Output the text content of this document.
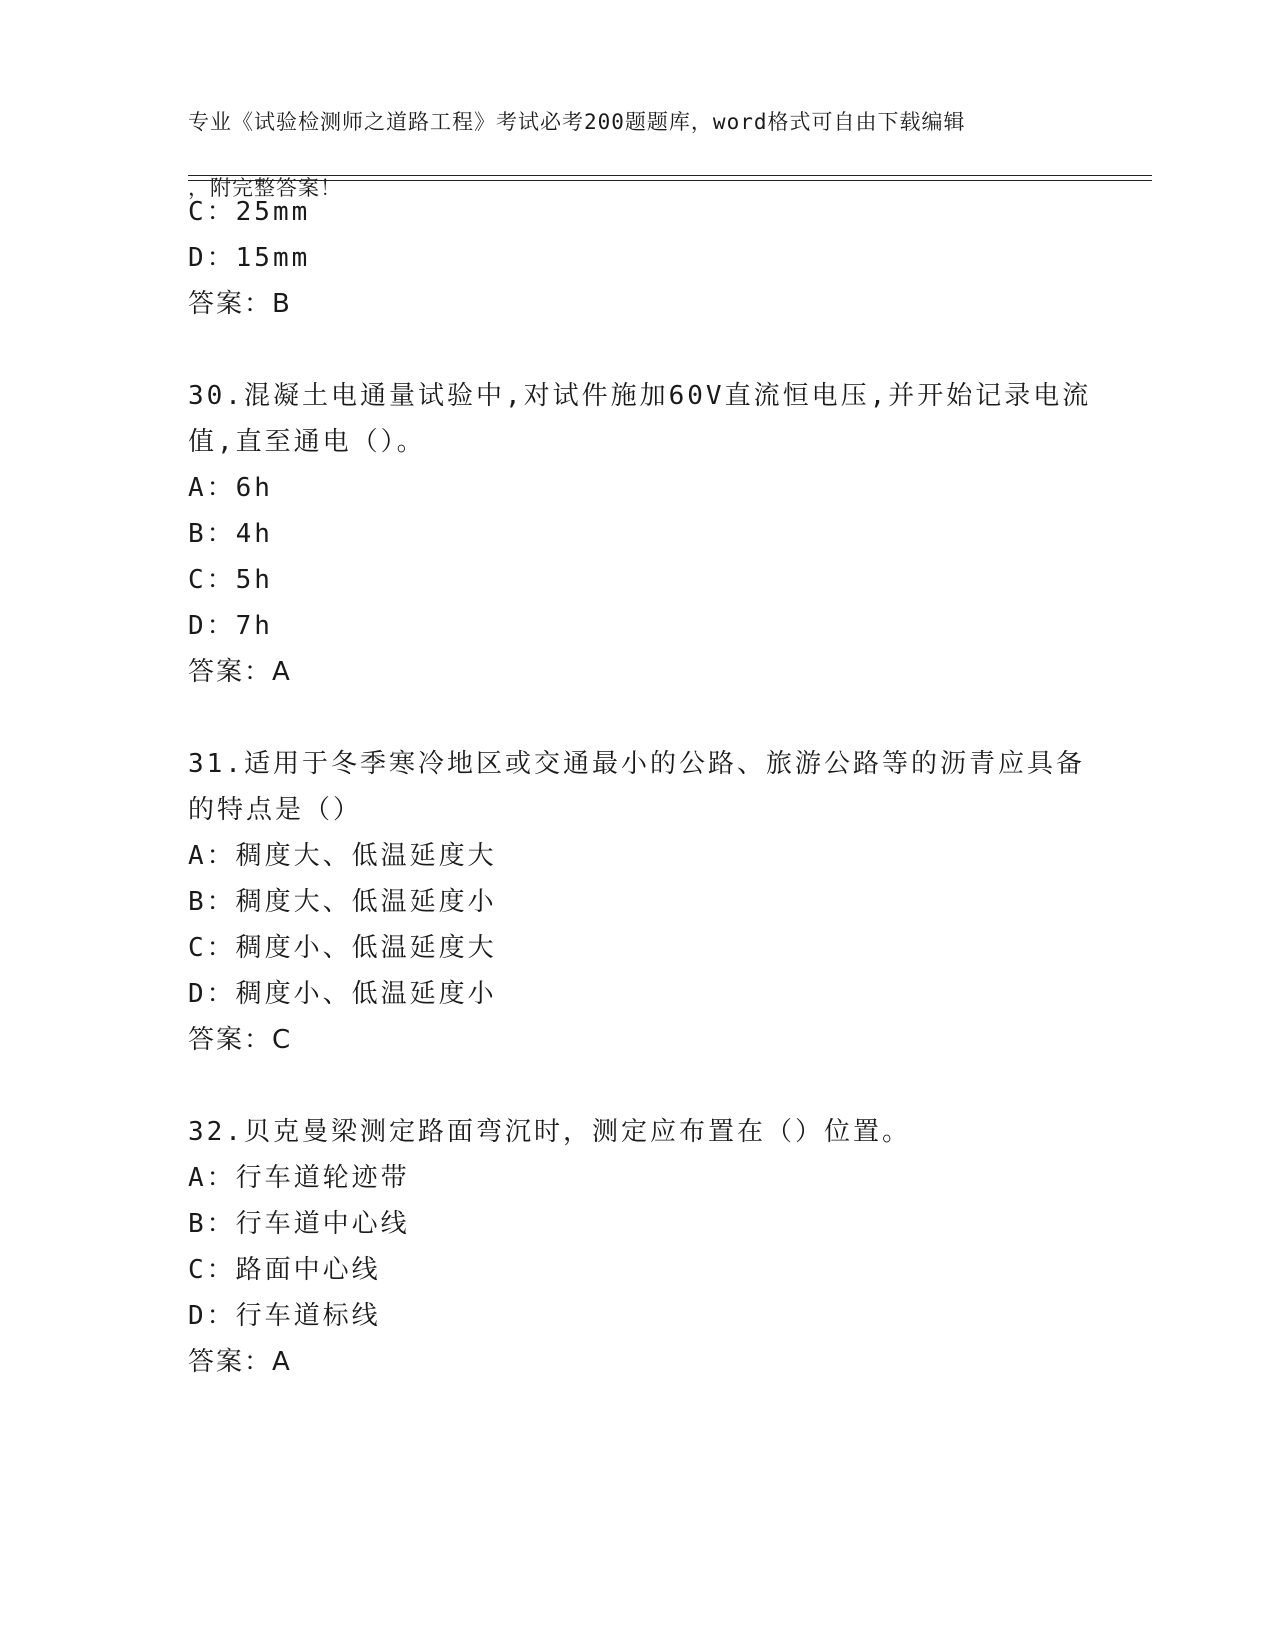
专业《试验检测师之道路工程》考试必考200题题库，word格式可自由下载编辑

，附完整答案！

C：25mm
D：15mm
答案：B
30.混凝土电通量试验中,对试件施加60V直流恒电压,并开始记录电流
值,直至通电（）。
A：6h
B：4h
C：5h
D：7h
答案：A
31.适用于冬季寒冷地区或交通最小的公路、旅游公路等的沥青应具备
的特点是（）
A：稠度大、低温延度大
B：稠度大、低温延度小
C：稠度小、低温延度大
D：稠度小、低温延度小
答案：C
32.贝克曼梁测定路面弯沉时，测定应布置在（）位置。
A：行车道轮迹带
B：行车道中心线
C：路面中心线
D：行车道标线
答案：A
